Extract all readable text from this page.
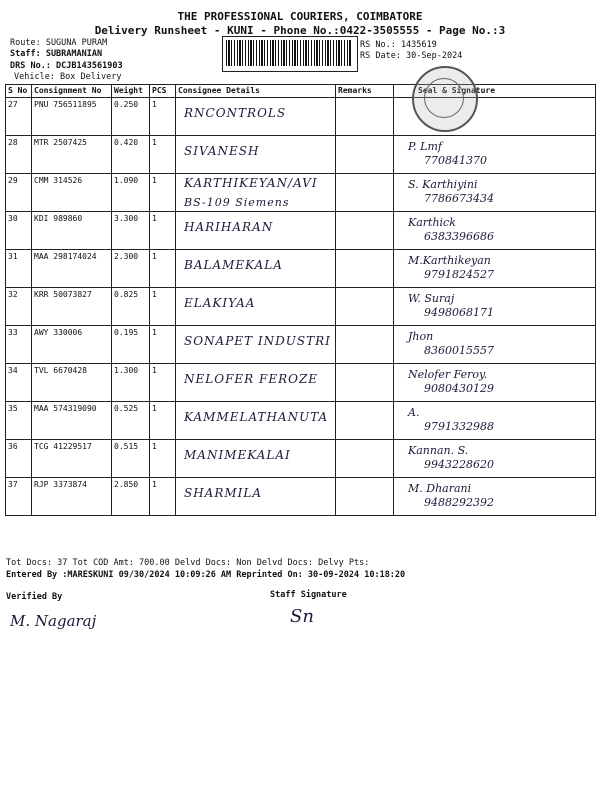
THE PROFESSIONAL COURIERS, COIMBATORE
Delivery Runsheet - KUNI - Phone No.:0422-3505555 - Page No.:3
Route: SUGUNA PURAM
Staff: SUBRAMANIAN
DRS No.: DCJB143561903
Vehicle: Box Delivery
RS No.: 1435619
RS Date: 30-Sep-2024
S No	Consignment No	Weight	PCS	Consignee Details	Remarks	Seal & Signature
27	PNU 756511895	0.250	1	RNCONTROLS		

28	MTR 2507425	0.420	1	SIVANESH		P. Lmf
770841370

29	CMM 314526	1.090	1	KARTHIKEYAN/AVI
BS-109 Siemens		S. Karthiyini
7786673434

30	KDI 989860	3.300	1	HARIHARAN		Karthick
6383396686

31	MAA 298174024	2.300	1	BALAMEKALA		M.Karthikeyan
9791824527

32	KRR 50073827	0.825	1	ELAKIYAA		W. Suraj
9498068171

33	AWY 330006	0.195	1	SONAPET INDUSTRI		Jhon
8360015557

34	TVL 6670428	1.300	1	NELOFER FEROZE		Nelofer Feroy.
9080430129

35	MAA 574319090	0.525	1	KAMMELATHANUTA		A.
9791332988

36	TCG 41229517	0.515	1	MANIMEKALAI		Kannan. S.
9943228620

37	RJP 3373874	2.850	1	SHARMILA		M. Dharani
9488292392
Tot Docs: 37 Tot COD Amt: 700.00 Delvd Docs: Non Delvd Docs: Delvy Pts:
Entered By :MARESKUNI 09/30/2024 10:09:26 AM Reprinted On: 30-09-2024 10:18:20
Verified By	Staff Signature
M. Nagaraj	Sn
